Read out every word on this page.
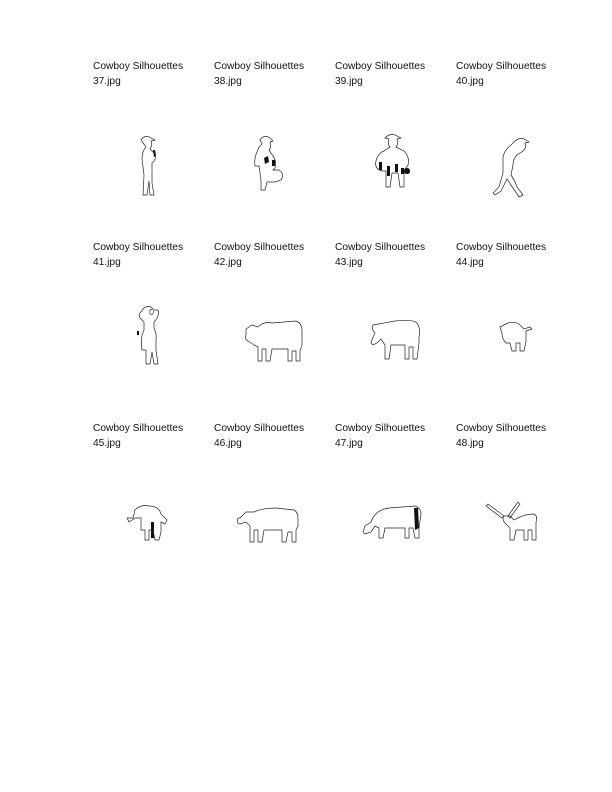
Cowboy Silhouettes
37.jpg
Cowboy Silhouettes
38.jpg
Cowboy Silhouettes
39.jpg
Cowboy Silhouettes
40.jpg
Cowboy Silhouettes
41.jpg
Cowboy Silhouettes
42.jpg
Cowboy Silhouettes
43.jpg
Cowboy Silhouettes
44.jpg
Cowboy Silhouettes
45.jpg
Cowboy Silhouettes
46.jpg
Cowboy Silhouettes
47.jpg
Cowboy Silhouettes
48.jpg
